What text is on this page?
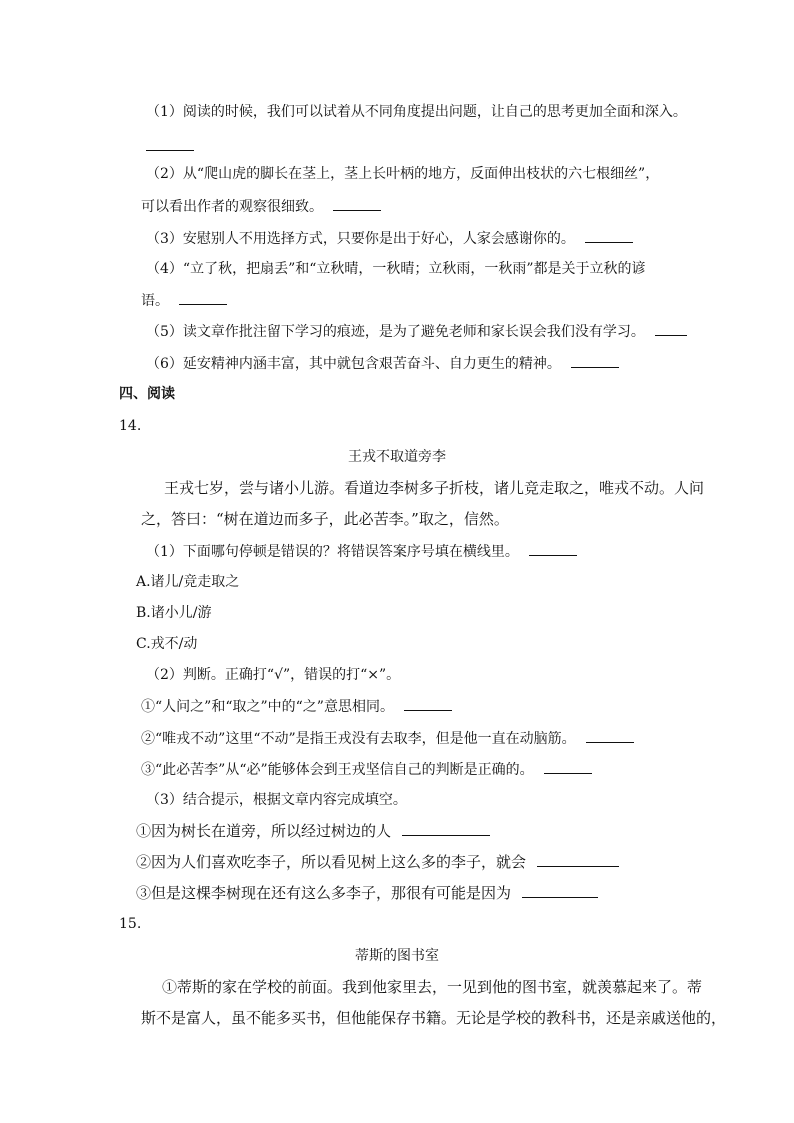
（1）阅读的时候，我们可以试着从不同角度提出问题，让自己的思考更加全面和深入。
（2）从“爬山虎的脚长在茎上，茎上长叶柄的地方，反面伸出枝状的六七根细丝”，
可以看出作者的观察很细致。
（3）安慰别人不用选择方式，只要你是出于好心，人家会感谢你的。
（4）“立了秋，把扇丢”和“立秋晴，一秋晴；立秋雨，一秋雨”都是关于立秋的谚
语。
（5）读文章作批注留下学习的痕迹，是为了避免老师和家长误会我们没有学习。
（6）延安精神内涵丰富，其中就包含艰苦奋斗、自力更生的精神。
四、阅读
14.
王戎不取道旁李
王戎七岁，尝与诸小儿游。看道边李树多子折枝，诸儿竞走取之，唯戎不动。人问
之，答曰：“树在道边而多子，此必苦李。”取之，信然。
（1）下面哪句停顿是错误的？将错误答案序号填在横线里。
A.诸儿/竞走取之
B.诸小儿/游
C.戎不/动
（2）判断。正确打“√”，错误的打“×”。
①“人问之”和“取之”中的“之”意思相同。
②“唯戎不动”这里“不动”是指王戎没有去取李，但是他一直在动脑筋。
③“此必苦李”从“必”能够体会到王戎坚信自己的判断是正确的。
（3）结合提示，根据文章内容完成填空。
①因为树长在道旁，所以经过树边的人
②因为人们喜欢吃李子，所以看见树上这么多的李子，就会
③但是这棵李树现在还有这么多李子，那很有可能是因为
15.
蒂斯的图书室
①蒂斯的家在学校的前面。我到他家里去，一见到他的图书室，就羡慕起来了。蒂
斯不是富人，虽不能多买书，但他能保存书籍。无论是学校的教科书，还是亲戚送他的，
